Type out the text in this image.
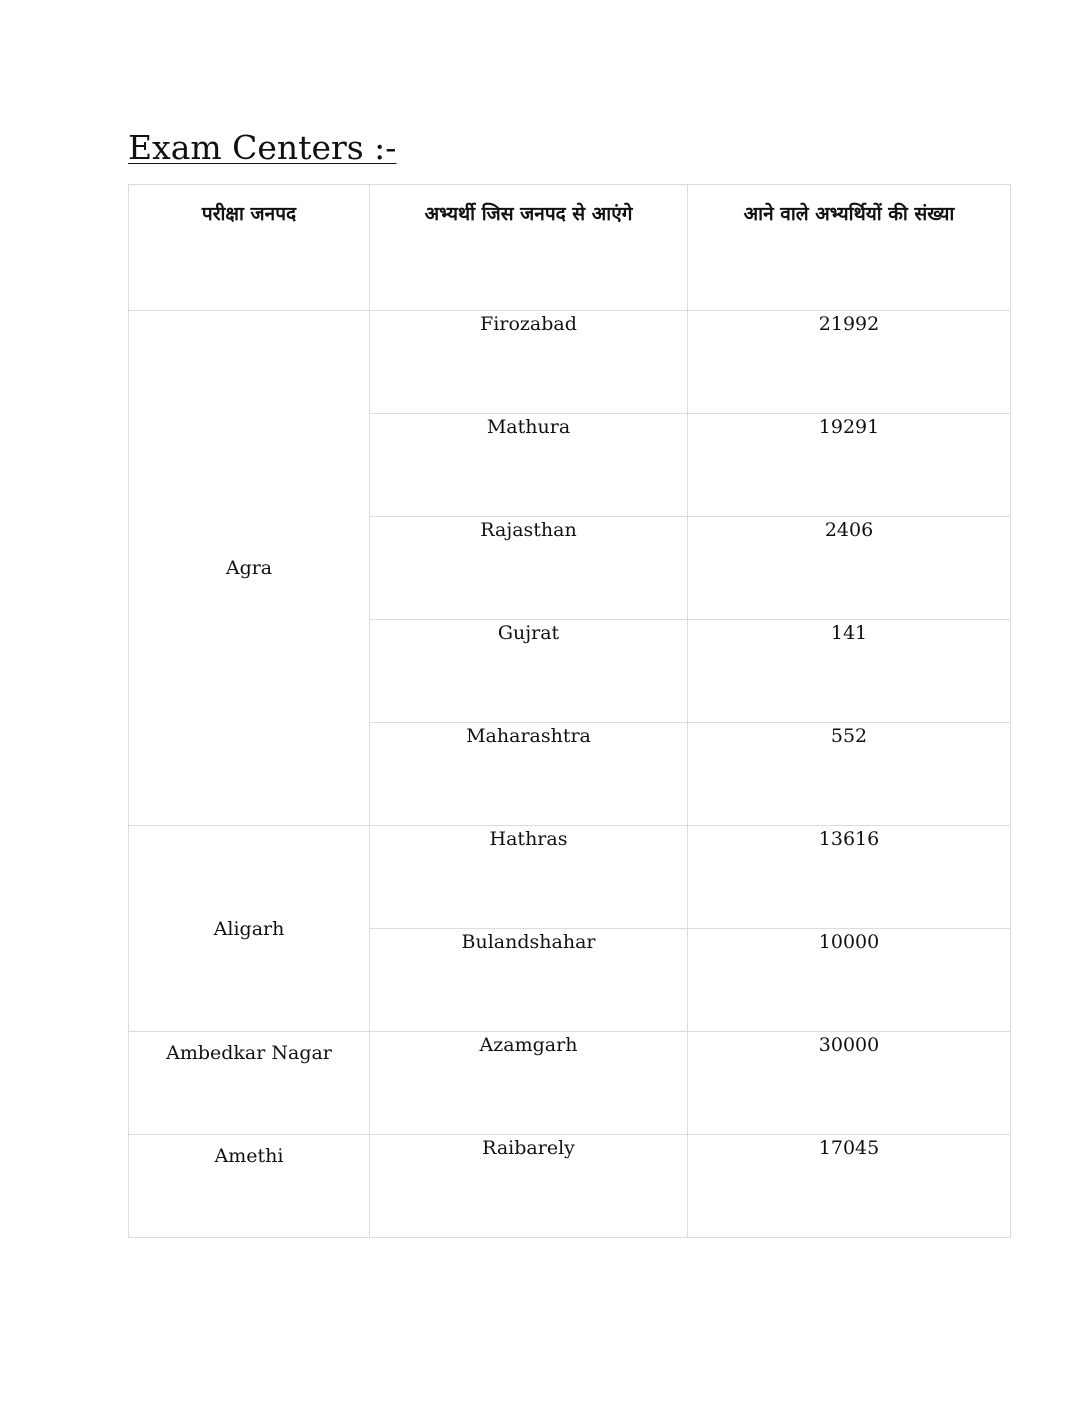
Exam Centers :-
परीक्षा जनपद	अभ्यर्थी जिस जनपद से आएंगे	आने वाले अभ्यर्थियों की संख्या
Agra	Firozabad	21992
	Mathura	19291
	Rajasthan	2406
	Gujrat	141
	Maharashtra	552
Aligarh	Hathras	13616
	Bulandshahar	10000
Ambedkar Nagar	Azamgarh	30000
Amethi	Raibarely	17045
